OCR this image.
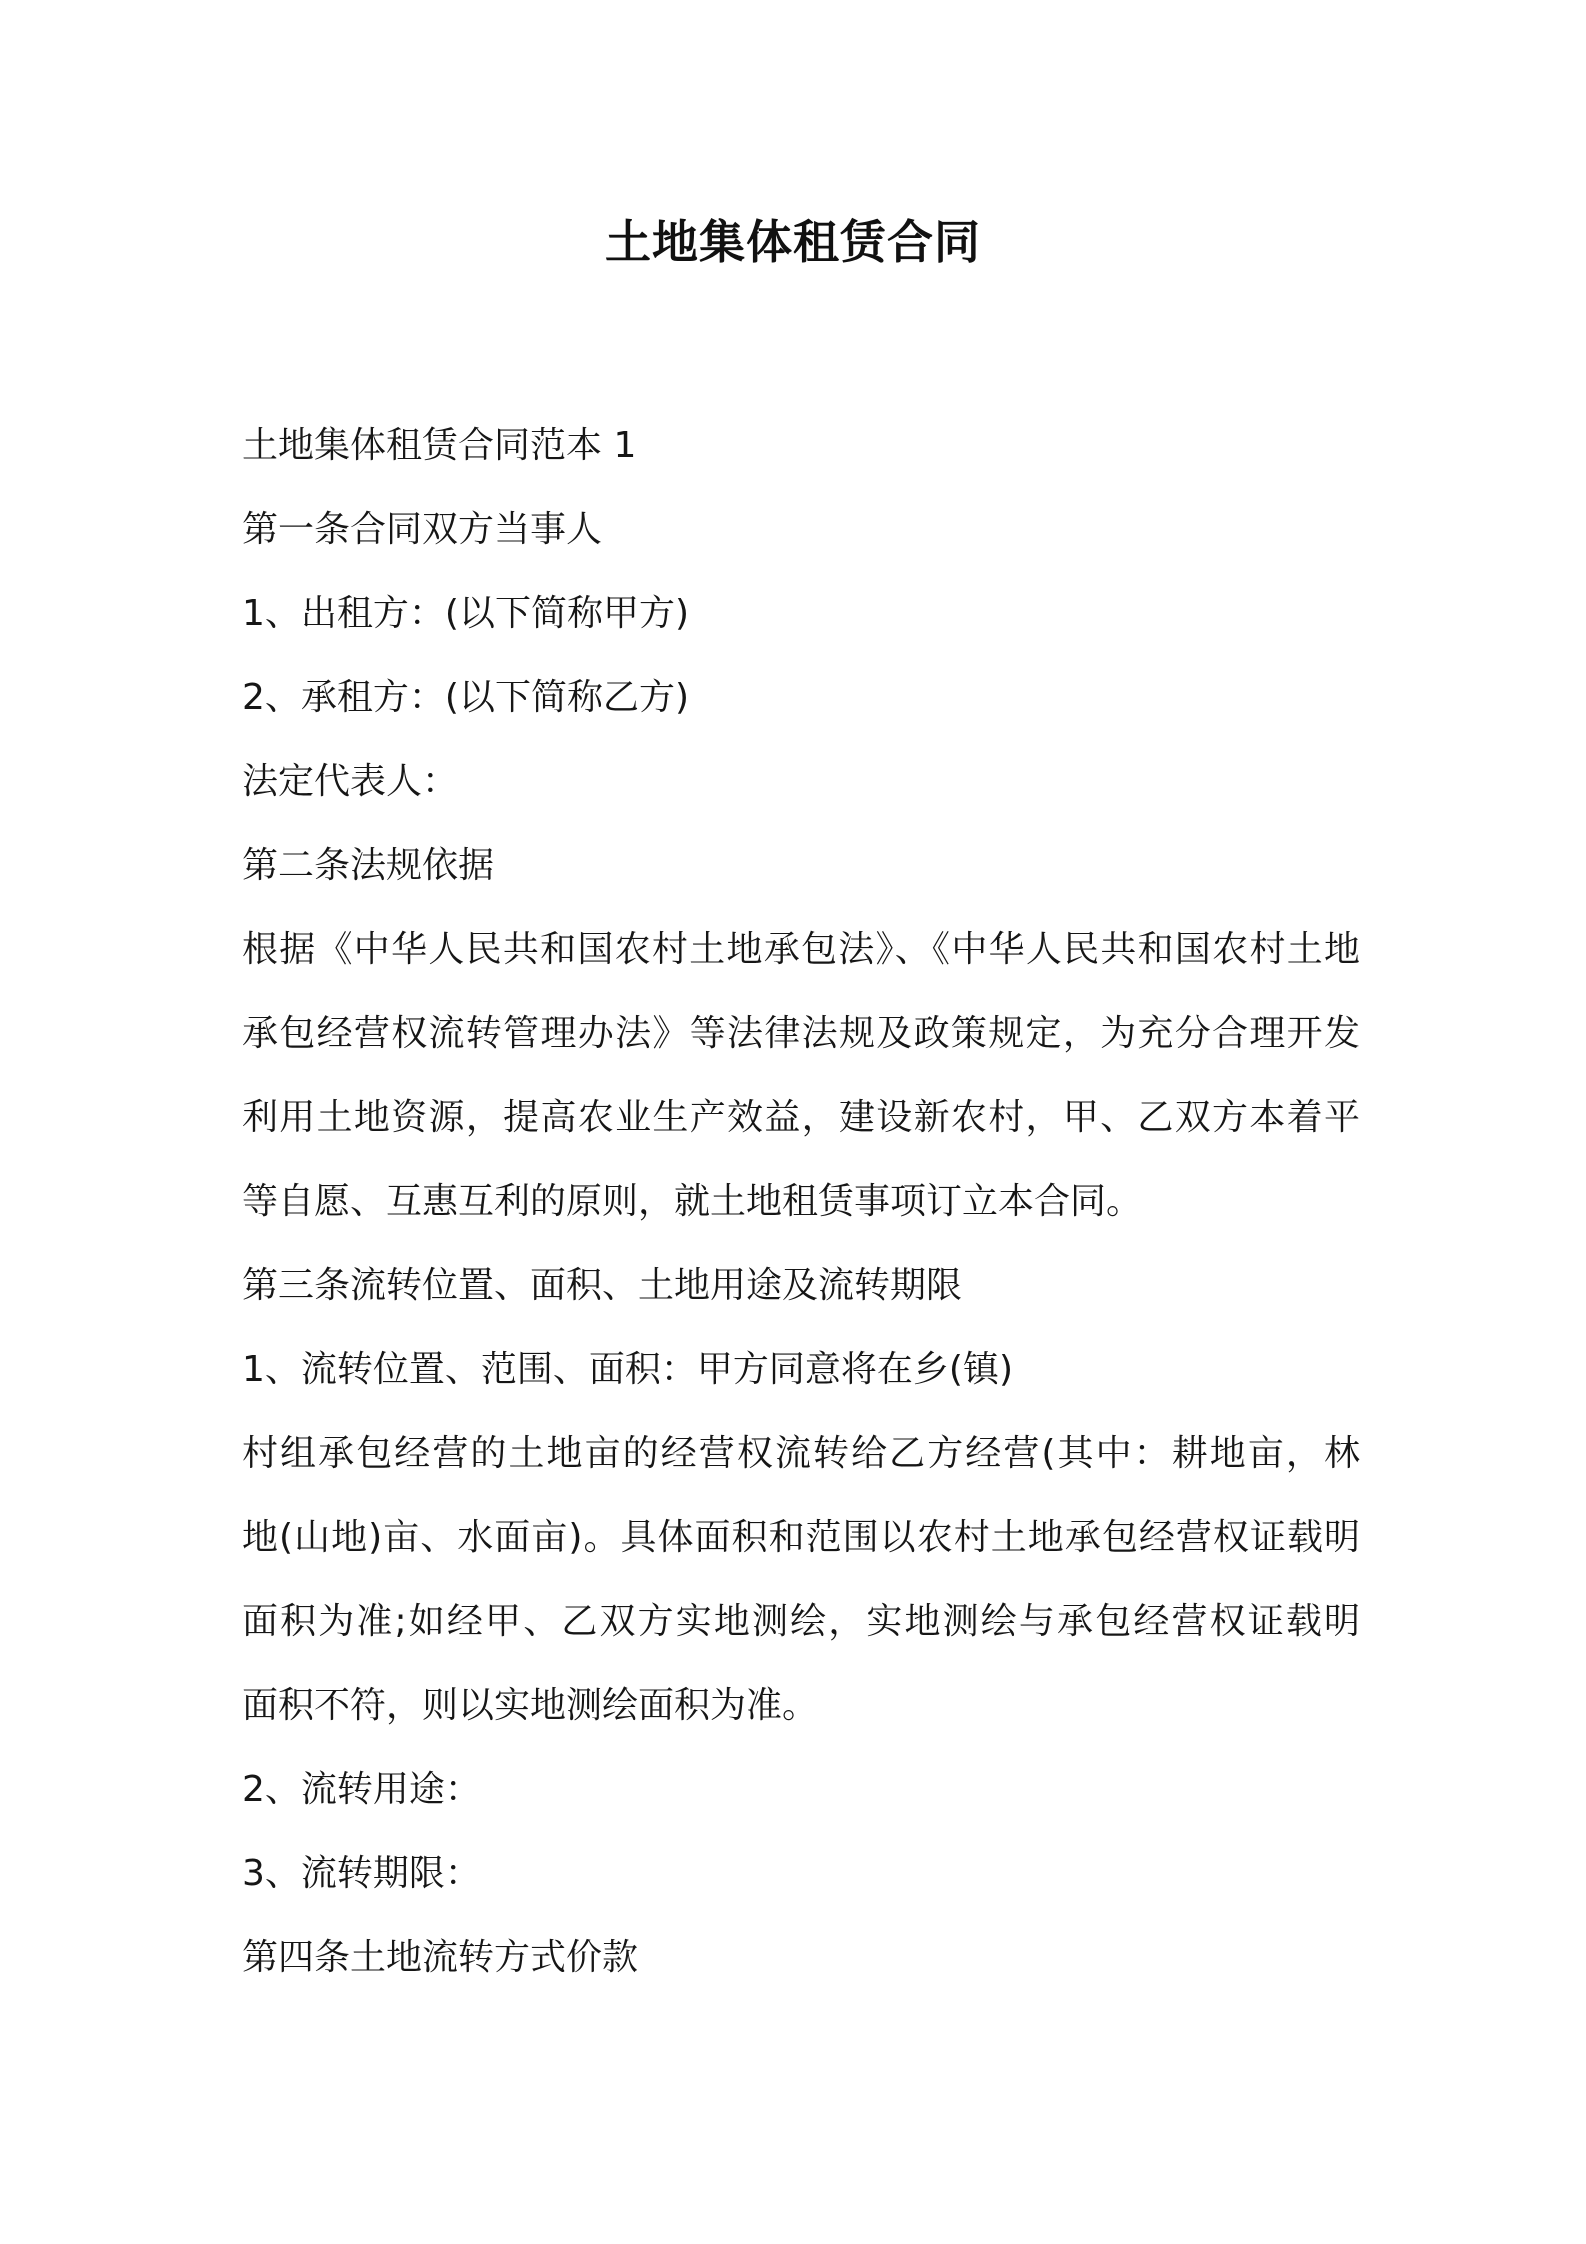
土地集体租赁合同
土地集体租赁合同范本 1
第一条合同双方当事人
1、出租方：(以下简称甲方)
2、承租方：(以下简称乙方)
法定代表人：
第二条法规依据
根据《中华人民共和国农村土地承包法》、《中华人民共和国农村土地
承包经营权流转管理办法》等法律法规及政策规定，为充分合理开发
利用土地资源，提高农业生产效益，建设新农村，甲、乙双方本着平
等自愿、互惠互利的原则，就土地租赁事项订立本合同。
第三条流转位置、面积、土地用途及流转期限
1、流转位置、范围、面积：甲方同意将在乡(镇)
村组承包经营的土地亩的经营权流转给乙方经营(其中：耕地亩，林
地(山地)亩、水面亩)。具体面积和范围以农村土地承包经营权证载明
面积为准;如经甲、乙双方实地测绘，实地测绘与承包经营权证载明
面积不符，则以实地测绘面积为准。
2、流转用途：
3、流转期限：
第四条土地流转方式价款
